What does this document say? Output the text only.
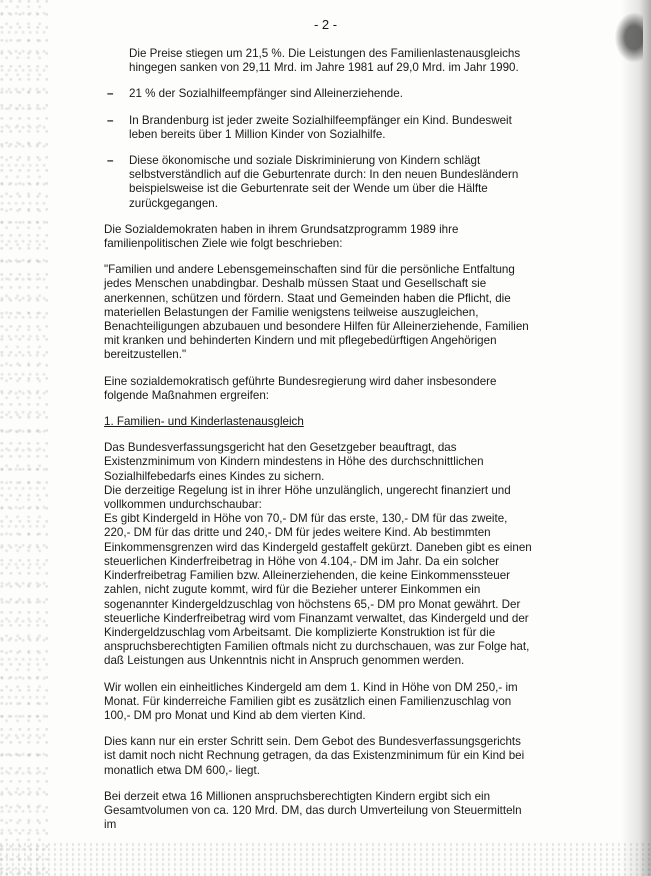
- 2 -

Die Preise stiegen um 21,5 %. Die Leistungen des Familienlastenausgleichs hingegen sanken von 29,11 Mrd. im Jahre 1981 auf 29,0 Mrd. im Jahr 1990.

– 21 % der Sozialhilfeempfänger sind Alleinerziehende.

– In Brandenburg ist jeder zweite Sozialhilfeempfänger ein Kind. Bundesweit leben bereits über 1 Million Kinder von Sozialhilfe.

– Diese ökonomische und soziale Diskriminierung von Kindern schlägt selbstverständlich auf die Geburtenrate durch: In den neuen Bundesländern beispielsweise ist die Geburtenrate seit der Wende um über die Hälfte zurückgegangen.

Die Sozialdemokraten haben in ihrem Grundsatzprogramm 1989 ihre familienpolitischen Ziele wie folgt beschrieben:

"Familien und andere Lebensgemeinschaften sind für die persönliche Entfaltung jedes Menschen unabdingbar. Deshalb müssen Staat und Gesellschaft sie anerkennen, schützen und fördern. Staat und Gemeinden haben die Pflicht, die materiellen Belastungen der Familie wenigstens teilweise auszugleichen, Benachteiligungen abzubauen und besondere Hilfen für Alleinerziehende, Familien mit kranken und behinderten Kindern und mit pflegebedürftigen Angehörigen bereitzustellen."

Eine sozialdemokratisch geführte Bundesregierung wird daher insbesondere folgende Maßnahmen ergreifen:

1. Familien- und Kinderlastenausgleich

Das Bundesverfassungsgericht hat den Gesetzgeber beauftragt, das Existenzminimum von Kindern mindestens in Höhe des durchschnittlichen Sozialhilfebedarfs eines Kindes zu sichern.

Die derzeitige Regelung ist in ihrer Höhe unzulänglich, ungerecht finanziert und vollkommen undurchschaubar:

Es gibt Kindergeld in Höhe von 70,- DM für das erste, 130,- DM für das zweite, 220,- DM für das dritte und 240,- DM für jedes weitere Kind. Ab bestimmten Einkommensgrenzen wird das Kindergeld gestaffelt gekürzt. Daneben gibt es einen steuerlichen Kinderfreibetrag in Höhe von 4.104,- DM im Jahr. Da ein solcher Kinderfreibetrag Familien bzw. Alleinerziehenden, die keine Einkommenssteuer zahlen, nicht zugute kommt, wird für die Bezieher unterer Einkommen ein sogenannter Kindergeldzuschlag von höchstens 65,- DM pro Monat gewährt. Der steuerliche Kinderfreibetrag wird vom Finanzamt verwaltet, das Kindergeld und der Kindergeldzuschlag vom Arbeitsamt. Die komplizierte Konstruktion ist für die anspruchsberechtigten Familien oftmals nicht zu durchschauen, was zur Folge hat, daß Leistungen aus Unkenntnis nicht in Anspruch genommen werden.

Wir wollen ein einheitliches Kindergeld am dem 1. Kind in Höhe von DM 250,- im Monat. Für kinderreiche Familien gibt es zusätzlich einen Familienzuschlag von 100,- DM pro Monat und Kind ab dem vierten Kind.

Dies kann nur ein erster Schritt sein. Dem Gebot des Bundesverfassungsgerichts ist damit noch nicht Rechnung getragen, da das Existenzminimum für ein Kind bei monatlich etwa DM 600,- liegt.

Bei derzeit etwa 16 Millionen anspruchsberechtigten Kindern ergibt sich ein Gesamtvolumen von ca. 120 Mrd. DM, das durch Umverteilung von Steuermitteln im
